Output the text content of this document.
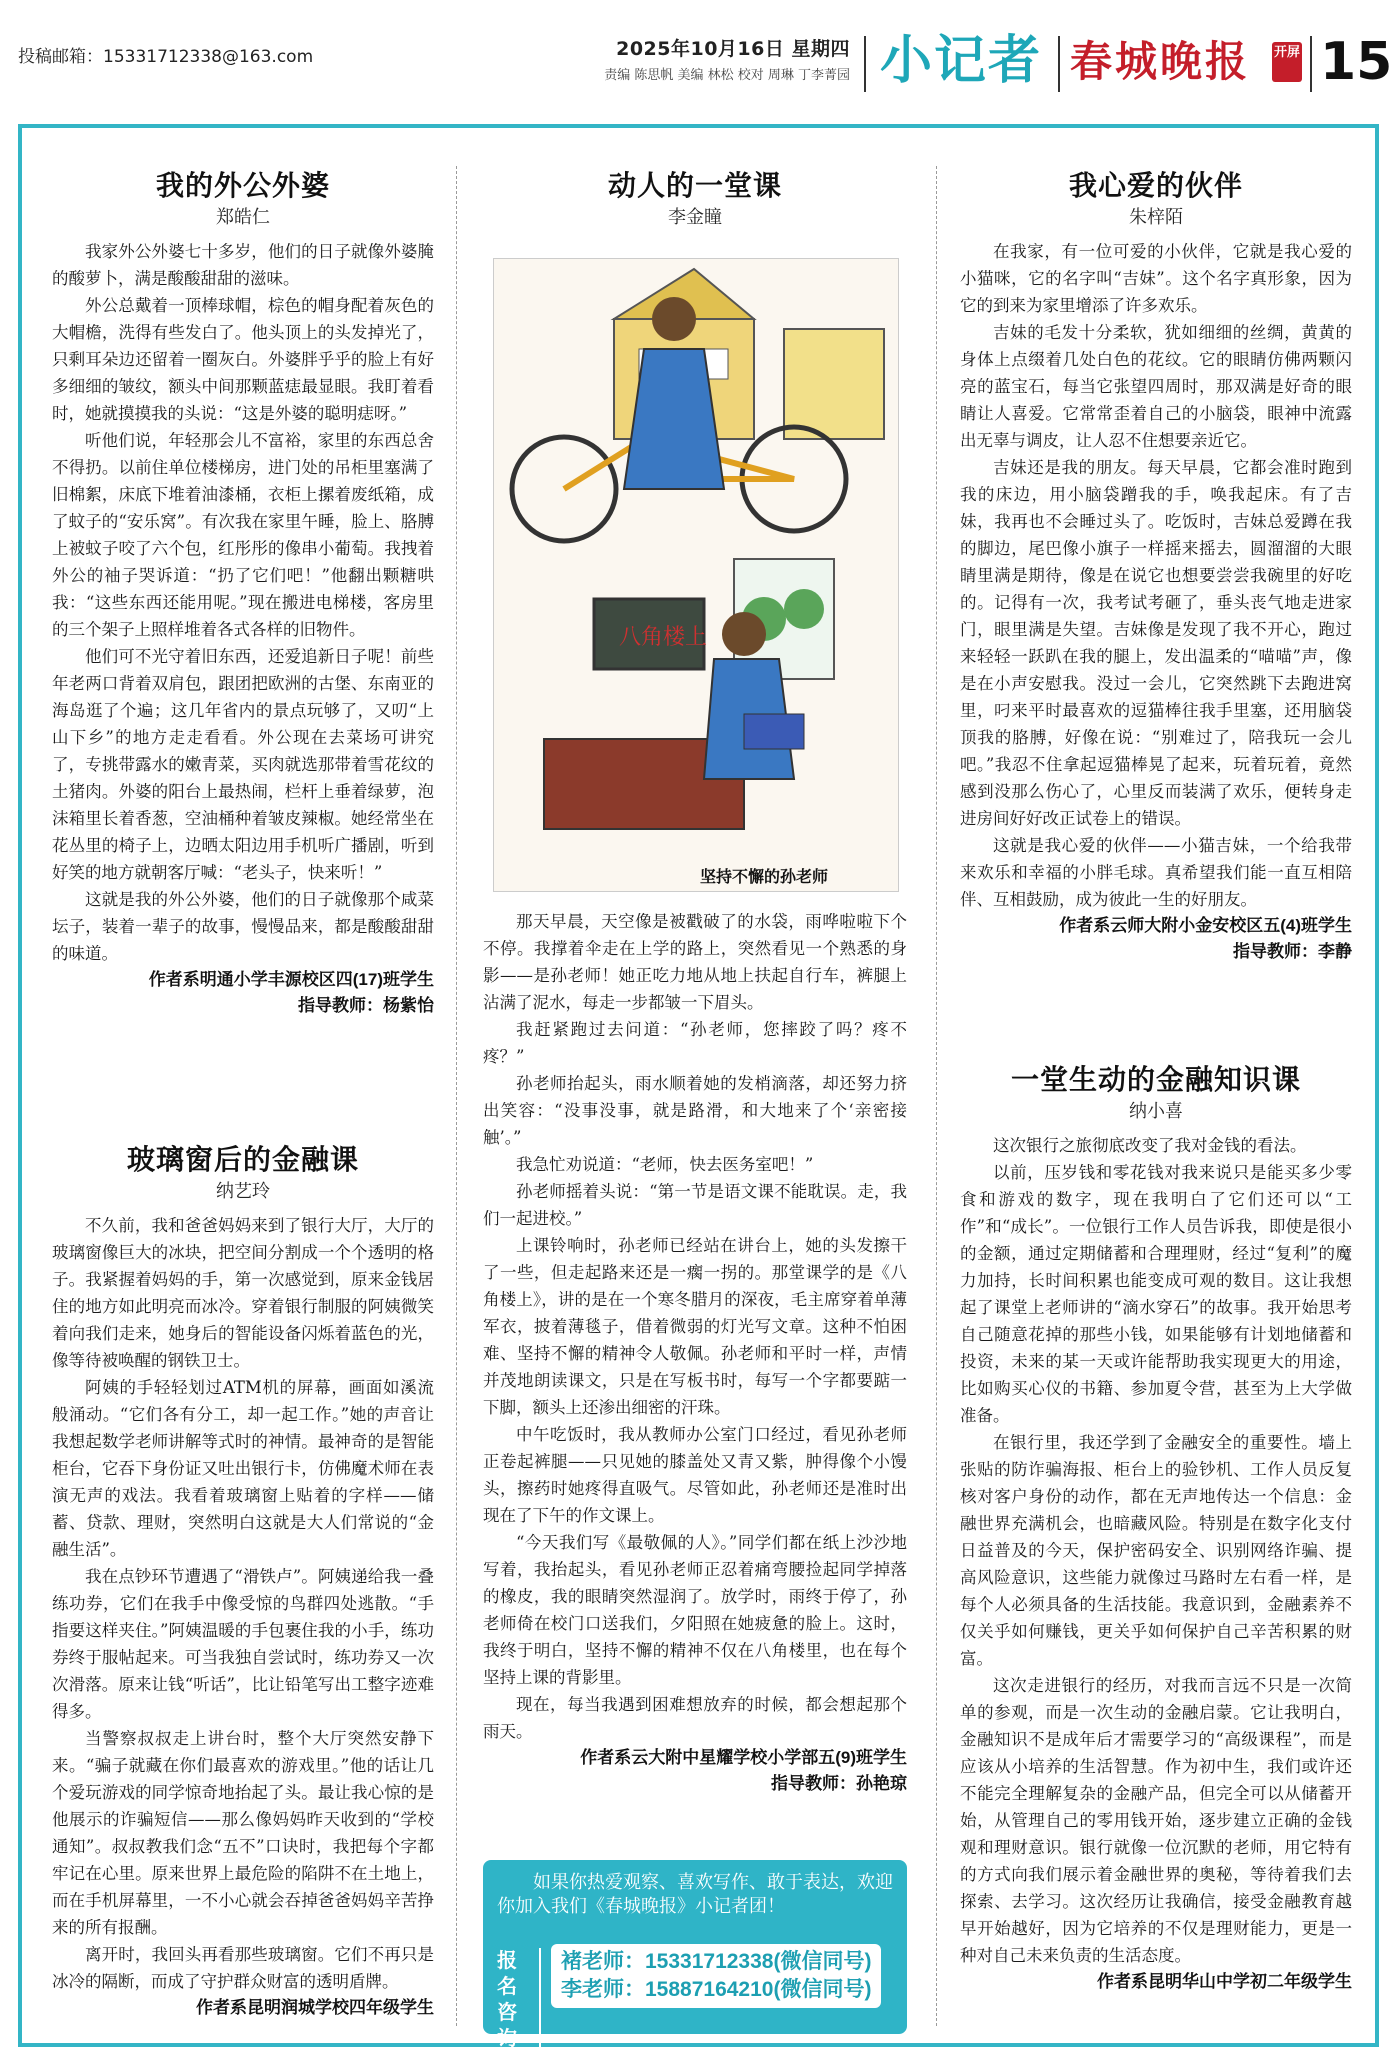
投稿邮箱：15331712338@163.com	2025年10月16日 星期四
责编 陈思帆 美编 林松 校对 周琳 丁李菁园 小记者 春城晚报 开屏 15
我的外公外婆
郑皓仁

我家外公外婆七十多岁，他们的日子就像外婆腌的酸萝卜，满是酸酸甜甜的滋味。

外公总戴着一顶棒球帽，棕色的帽身配着灰色的大帽檐，洗得有些发白了。他头顶上的头发掉光了，只剩耳朵边还留着一圈灰白。外婆胖乎乎的脸上有好多细细的皱纹，额头中间那颗蓝痣最显眼。我盯着看时，她就摸摸我的头说：“这是外婆的聪明痣呀。”

听他们说，年轻那会儿不富裕，家里的东西总舍不得扔。以前住单位楼梯房，进门处的吊柜里塞满了旧棉絮，床底下堆着油漆桶，衣柜上摞着废纸箱，成了蚊子的“安乐窝”。有次我在家里午睡，脸上、胳膊上被蚊子咬了六个包，红彤彤的像串小葡萄。我拽着外公的袖子哭诉道：“扔了它们吧！”他翻出颗糖哄我：“这些东西还能用呢。”现在搬进电梯楼，客房里的三个架子上照样堆着各式各样的旧物件。

他们可不光守着旧东西，还爱追新日子呢！前些年老两口背着双肩包，跟团把欧洲的古堡、东南亚的海岛逛了个遍；这几年省内的景点玩够了，又叨“上山下乡”的地方走走看看。外公现在去菜场可讲究了，专挑带露水的嫩青菜，买肉就选那带着雪花纹的土猪肉。外婆的阳台上最热闹，栏杆上垂着绿萝，泡沫箱里长着香葱，空油桶种着皱皮辣椒。她经常坐在花丛里的椅子上，边晒太阳边用手机听广播剧，听到好笑的地方就朝客厅喊：“老头子，快来听！”

这就是我的外公外婆，他们的日子就像那个咸菜坛子，装着一辈子的故事，慢慢品来，都是酸酸甜甜的味道。

作者系明通小学丰源校区四(17)班学生

指导教师：杨紫怡

玻璃窗后的金融课
纳艺玲

不久前，我和爸爸妈妈来到了银行大厅，大厅的玻璃窗像巨大的冰块，把空间分割成一个个透明的格子。我紧握着妈妈的手，第一次感觉到，原来金钱居住的地方如此明亮而冰冷。穿着银行制服的阿姨微笑着向我们走来，她身后的智能设备闪烁着蓝色的光，像等待被唤醒的钢铁卫士。

阿姨的手轻轻划过ATM机的屏幕，画面如溪流般涌动。“它们各有分工，却一起工作。”她的声音让我想起数学老师讲解等式时的神情。最神奇的是智能柜台，它吞下身份证又吐出银行卡，仿佛魔术师在表演无声的戏法。我看着玻璃窗上贴着的字样——储蓄、贷款、理财，突然明白这就是大人们常说的“金融生活”。

我在点钞环节遭遇了“滑铁卢”。阿姨递给我一叠练功券，它们在我手中像受惊的鸟群四处逃散。“手指要这样夹住。”阿姨温暖的手包裹住我的小手，练功券终于服帖起来。可当我独自尝试时，练功券又一次次滑落。原来让钱“听话”，比让铅笔写出工整字迹难得多。

当警察叔叔走上讲台时，整个大厅突然安静下来。“骗子就藏在你们最喜欢的游戏里。”他的话让几个爱玩游戏的同学惊奇地抬起了头。最让我心惊的是他展示的诈骗短信——那么像妈妈昨天收到的“学校通知”。叔叔教我们念“五不”口诀时，我把每个字都牢记在心里。原来世界上最危险的陷阱不在土地上，而在手机屏幕里，一不小心就会吞掉爸爸妈妈辛苦挣来的所有报酬。

离开时，我回头再看那些玻璃窗。它们不再只是冰冷的隔断，而成了守护群众财富的透明盾牌。

作者系昆明润城学校四年级学生

动人的一堂课
李金瞳
八角楼上
坚持不懈的孙老师

那天早晨，天空像是被戳破了的水袋，雨哗啦啦下个不停。我撑着伞走在上学的路上，突然看见一个熟悉的身影——是孙老师！她正吃力地从地上扶起自行车，裤腿上沾满了泥水，每走一步都皱一下眉头。

我赶紧跑过去问道：“孙老师，您摔跤了吗？疼不疼？”

孙老师抬起头，雨水顺着她的发梢滴落，却还努力挤出笑容：“没事没事，就是路滑，和大地来了个‘亲密接触’。”

我急忙劝说道：“老师，快去医务室吧！”

孙老师摇着头说：“第一节是语文课不能耽误。走，我们一起进校。”

上课铃响时，孙老师已经站在讲台上，她的头发擦干了一些，但走起路来还是一瘸一拐的。那堂课学的是《八角楼上》，讲的是在一个寒冬腊月的深夜，毛主席穿着单薄军衣，披着薄毯子，借着微弱的灯光写文章。这种不怕困难、坚持不懈的精神令人敬佩。孙老师和平时一样，声情并茂地朗读课文，只是在写板书时，每写一个字都要踮一下脚，额头上还渗出细密的汗珠。

中午吃饭时，我从教师办公室门口经过，看见孙老师正卷起裤腿——只见她的膝盖处又青又紫，肿得像个小馒头，擦药时她疼得直吸气。尽管如此，孙老师还是准时出现在了下午的作文课上。

“今天我们写《最敬佩的人》。”同学们都在纸上沙沙地写着，我抬起头，看见孙老师正忍着痛弯腰捡起同学掉落的橡皮，我的眼睛突然湿润了。放学时，雨终于停了，孙老师倚在校门口送我们，夕阳照在她疲惫的脸上。这时，我终于明白，坚持不懈的精神不仅在八角楼里，也在每个坚持上课的背影里。

现在，每当我遇到困难想放弃的时候，都会想起那个雨天。

作者系云大附中星耀学校小学部五(9)班学生

指导教师：孙艳琼

如果你热爱观察、喜欢写作、敢于表达，欢迎你加入我们《春城晚报》小记者团！
报名咨询
褚老师：15331712338(微信同号)
李老师：15887164210(微信同号)
我心爱的伙伴
朱梓陌

在我家，有一位可爱的小伙伴，它就是我心爱的小猫咪，它的名字叫“吉妹”。这个名字真形象，因为它的到来为家里增添了许多欢乐。

吉妹的毛发十分柔软，犹如细细的丝绸，黄黄的身体上点缀着几处白色的花纹。它的眼睛仿佛两颗闪亮的蓝宝石，每当它张望四周时，那双满是好奇的眼睛让人喜爱。它常常歪着自己的小脑袋，眼神中流露出无辜与调皮，让人忍不住想要亲近它。

吉妹还是我的朋友。每天早晨，它都会准时跑到我的床边，用小脑袋蹭我的手，唤我起床。有了吉妹，我再也不会睡过头了。吃饭时，吉妹总爱蹲在我的脚边，尾巴像小旗子一样摇来摇去，圆溜溜的大眼睛里满是期待，像是在说它也想要尝尝我碗里的好吃的。记得有一次，我考试考砸了，垂头丧气地走进家门，眼里满是失望。吉妹像是发现了我不开心，跑过来轻轻一跃趴在我的腿上，发出温柔的“喵喵”声，像是在小声安慰我。没过一会儿，它突然跳下去跑进窝里，叼来平时最喜欢的逗猫棒往我手里塞，还用脑袋顶我的胳膊，好像在说：“别难过了，陪我玩一会儿吧。”我忍不住拿起逗猫棒晃了起来，玩着玩着，竟然感到没那么伤心了，心里反而装满了欢乐，便转身走进房间好好改正试卷上的错误。

这就是我心爱的伙伴——小猫吉妹，一个给我带来欢乐和幸福的小胖毛球。真希望我们能一直互相陪伴、互相鼓励，成为彼此一生的好朋友。

作者系云师大附小金安校区五(4)班学生

指导教师：李静

一堂生动的金融知识课
纳小喜

这次银行之旅彻底改变了我对金钱的看法。

以前，压岁钱和零花钱对我来说只是能买多少零食和游戏的数字，现在我明白了它们还可以“工作”和“成长”。一位银行工作人员告诉我，即使是很小的金额，通过定期储蓄和合理理财，经过“复利”的魔力加持，长时间积累也能变成可观的数目。这让我想起了课堂上老师讲的“滴水穿石”的故事。我开始思考自己随意花掉的那些小钱，如果能够有计划地储蓄和投资，未来的某一天或许能帮助我实现更大的用途，比如购买心仪的书籍、参加夏令营，甚至为上大学做准备。

在银行里，我还学到了金融安全的重要性。墙上张贴的防诈骗海报、柜台上的验钞机、工作人员反复核对客户身份的动作，都在无声地传达一个信息：金融世界充满机会，也暗藏风险。特别是在数字化支付日益普及的今天，保护密码安全、识别网络诈骗、提高风险意识，这些能力就像过马路时左右看一样，是每个人必须具备的生活技能。我意识到，金融素养不仅关乎如何赚钱，更关乎如何保护自己辛苦积累的财富。

这次走进银行的经历，对我而言远不只是一次简单的参观，而是一次生动的金融启蒙。它让我明白，金融知识不是成年后才需要学习的“高级课程”，而是应该从小培养的生活智慧。作为初中生，我们或许还不能完全理解复杂的金融产品，但完全可以从储蓄开始，从管理自己的零用钱开始，逐步建立正确的金钱观和理财意识。银行就像一位沉默的老师，用它特有的方式向我们展示着金融世界的奥秘，等待着我们去探索、去学习。这次经历让我确信，接受金融教育越早开始越好，因为它培养的不仅是理财能力，更是一种对自己未来负责的生活态度。

作者系昆明华山中学初二年级学生
